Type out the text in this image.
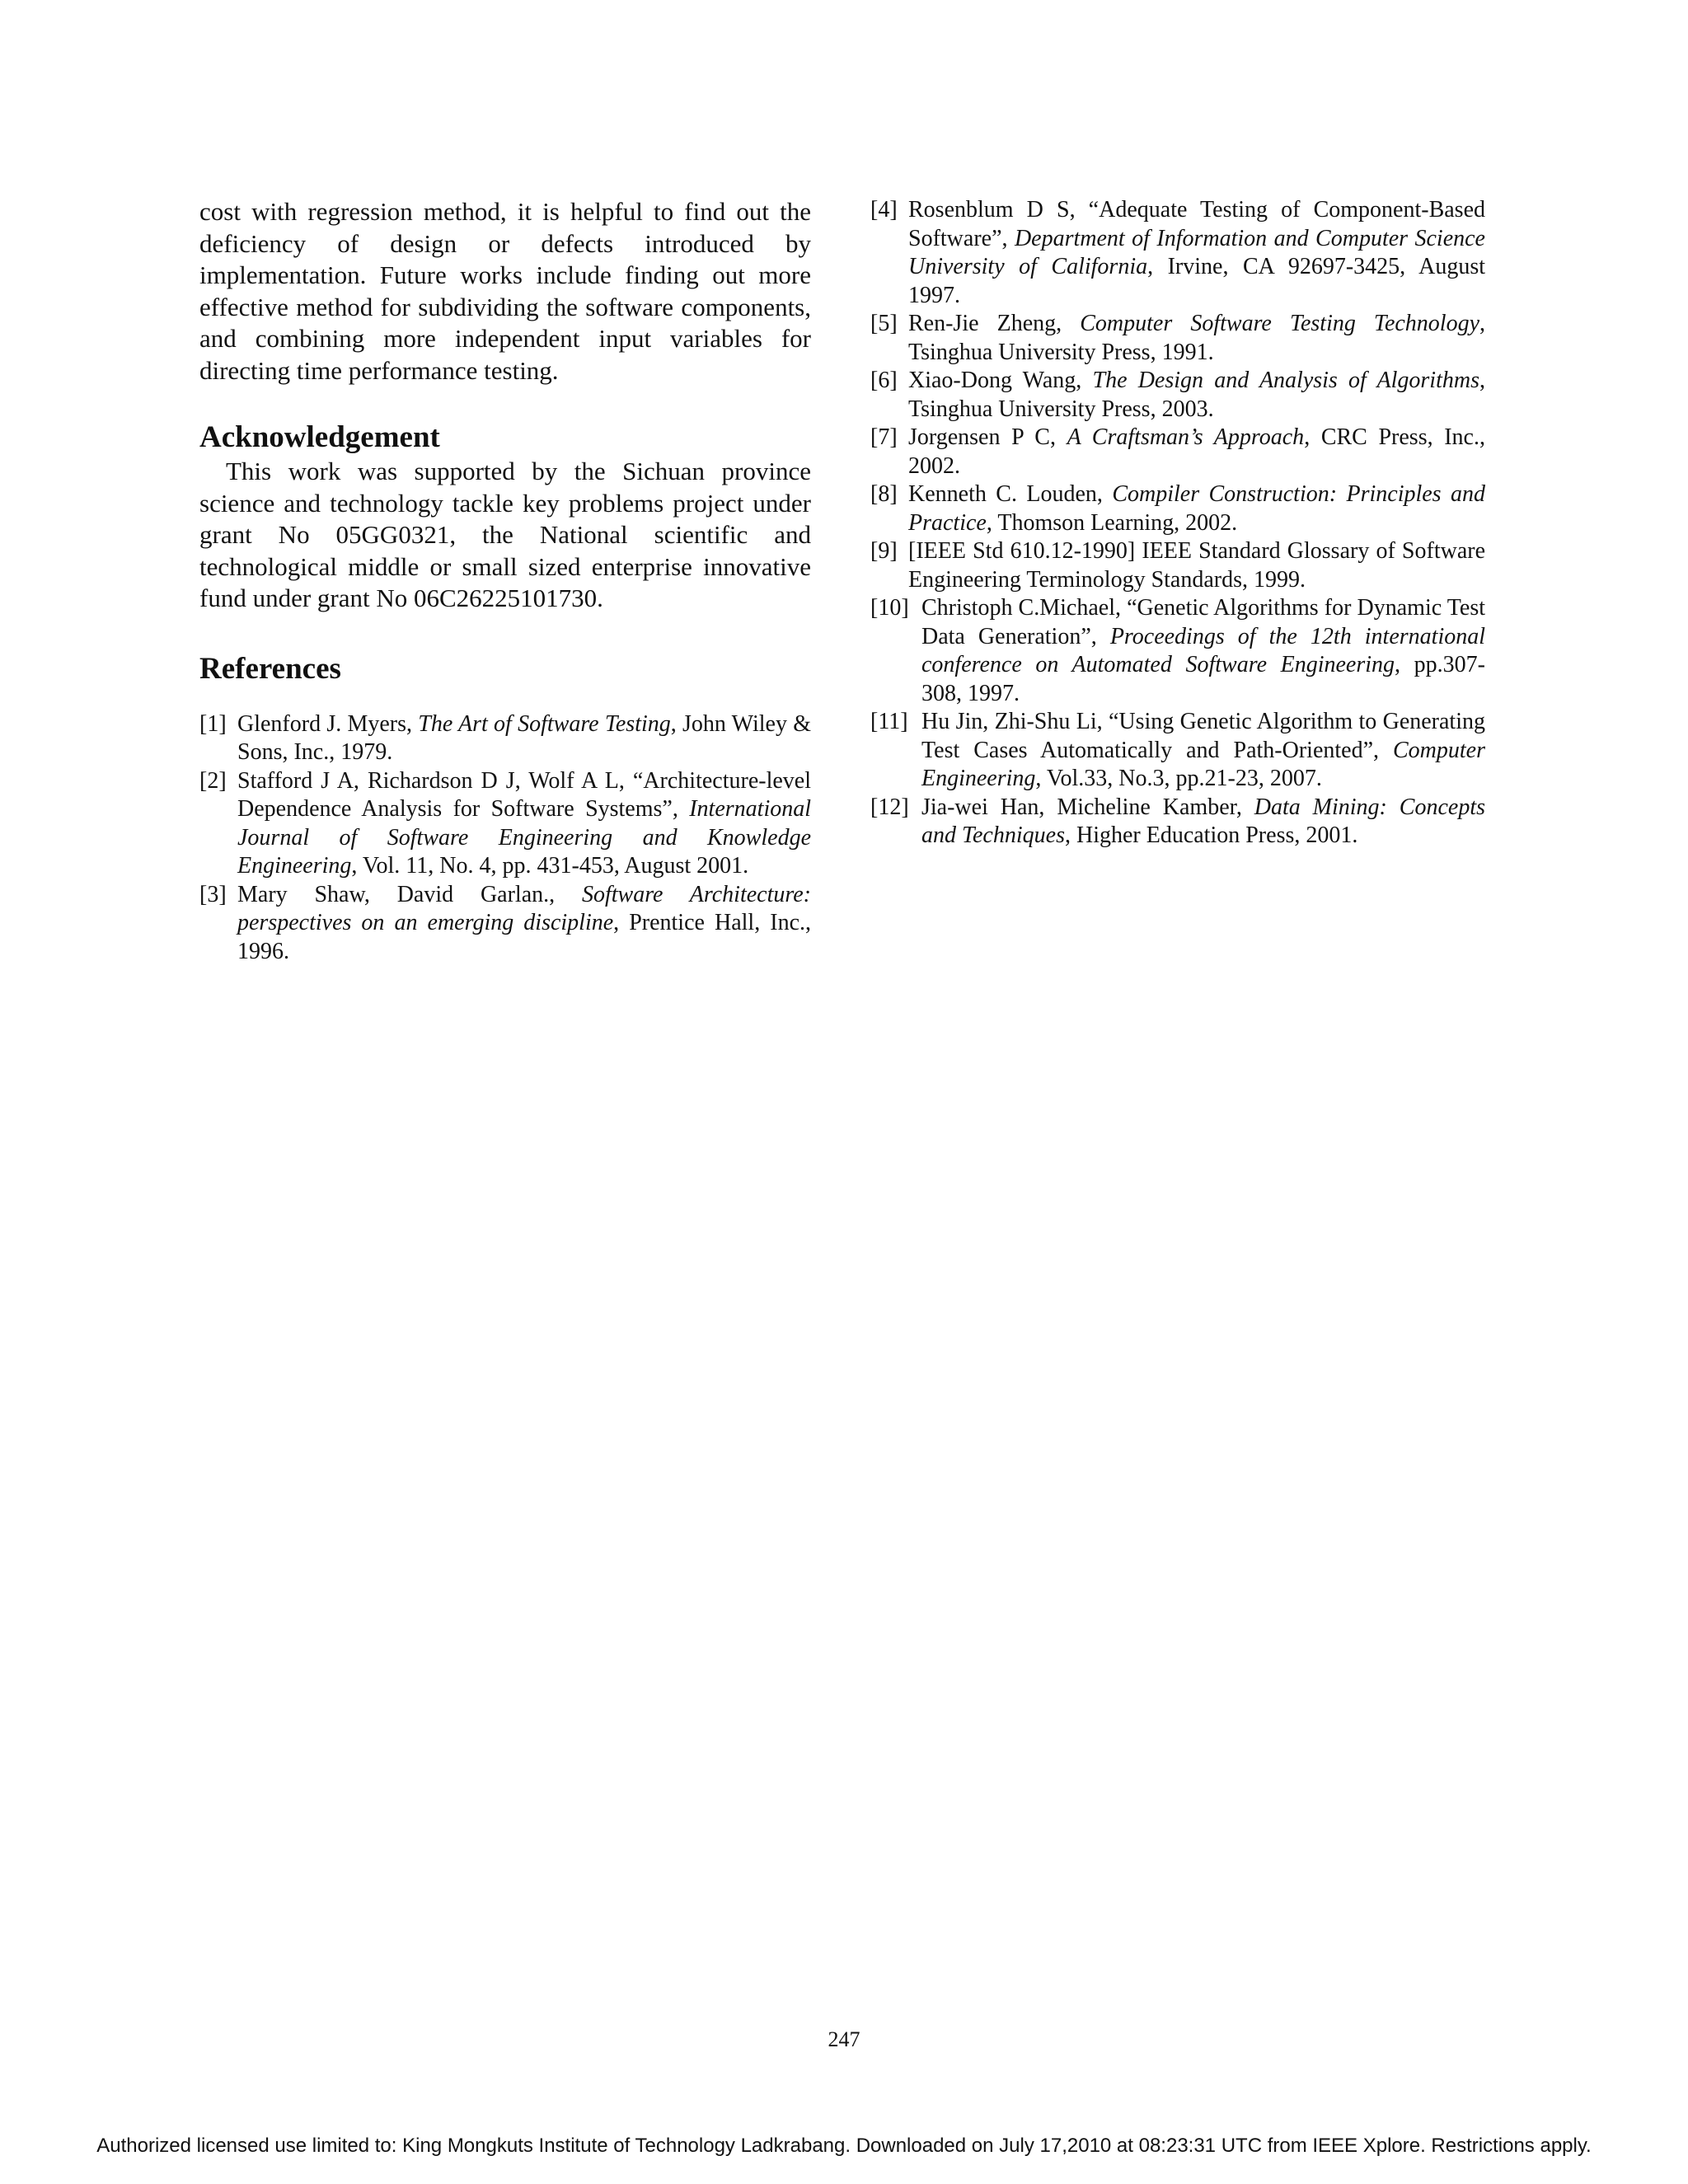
cost with regression method, it is helpful to find out the deficiency of design or defects introduced by implementation. Future works include finding out more effective method for subdividing the software components, and combining more independent input variables for directing time performance testing.

Acknowledgement

This work was supported by the Sichuan province science and technology tackle key problems project under grant No 05GG0321, the National scientific and technological middle or small sized enterprise innovative fund under grant No 06C26225101730.

References
[1] Glenford J. Myers, The Art of Software Testing, John Wiley & Sons, Inc., 1979.
[2] Stafford J A, Richardson D J, Wolf A L, “Architecture-level Dependence Analysis for Software Systems”, International Journal of Software Engineering and Knowledge Engineering, Vol. 11, No. 4, pp. 431-453, August 2001.
[3] Mary Shaw, David Garlan., Software Architecture: perspectives on an emerging discipline, Prentice Hall, Inc., 1996.
[4] Rosenblum D S, “Adequate Testing of Component-Based Software”, Department of Information and Computer Science University of California, Irvine, CA 92697-3425, August 1997.
[5] Ren-Jie Zheng, Computer Software Testing Technology, Tsinghua University Press, 1991.
[6] Xiao-Dong Wang, The Design and Analysis of Algorithms, Tsinghua University Press, 2003.
[7] Jorgensen P C, A Craftsman’s Approach, CRC Press, Inc., 2002.
[8] Kenneth C. Louden, Compiler Construction: Principles and Practice, Thomson Learning, 2002.
[9] [IEEE Std 610.12-1990] IEEE Standard Glossary of Software Engineering Terminology Standards, 1999.
[10] Christoph C.Michael, “Genetic Algorithms for Dynamic Test Data Generation”, Proceedings of the 12th international conference on Automated Software Engineering, pp.307-308, 1997.
[11] Hu Jin, Zhi-Shu Li, “Using Genetic Algorithm to Generating Test Cases Automatically and Path-Oriented”, Computer Engineering, Vol.33, No.3, pp.21-23, 2007.
[12] Jia-wei Han, Micheline Kamber, Data Mining: Concepts and Techniques, Higher Education Press, 2001.
247
Authorized licensed use limited to: King Mongkuts Institute of Technology Ladkrabang. Downloaded on July 17,2010 at 08:23:31 UTC from IEEE Xplore. Restrictions apply.
